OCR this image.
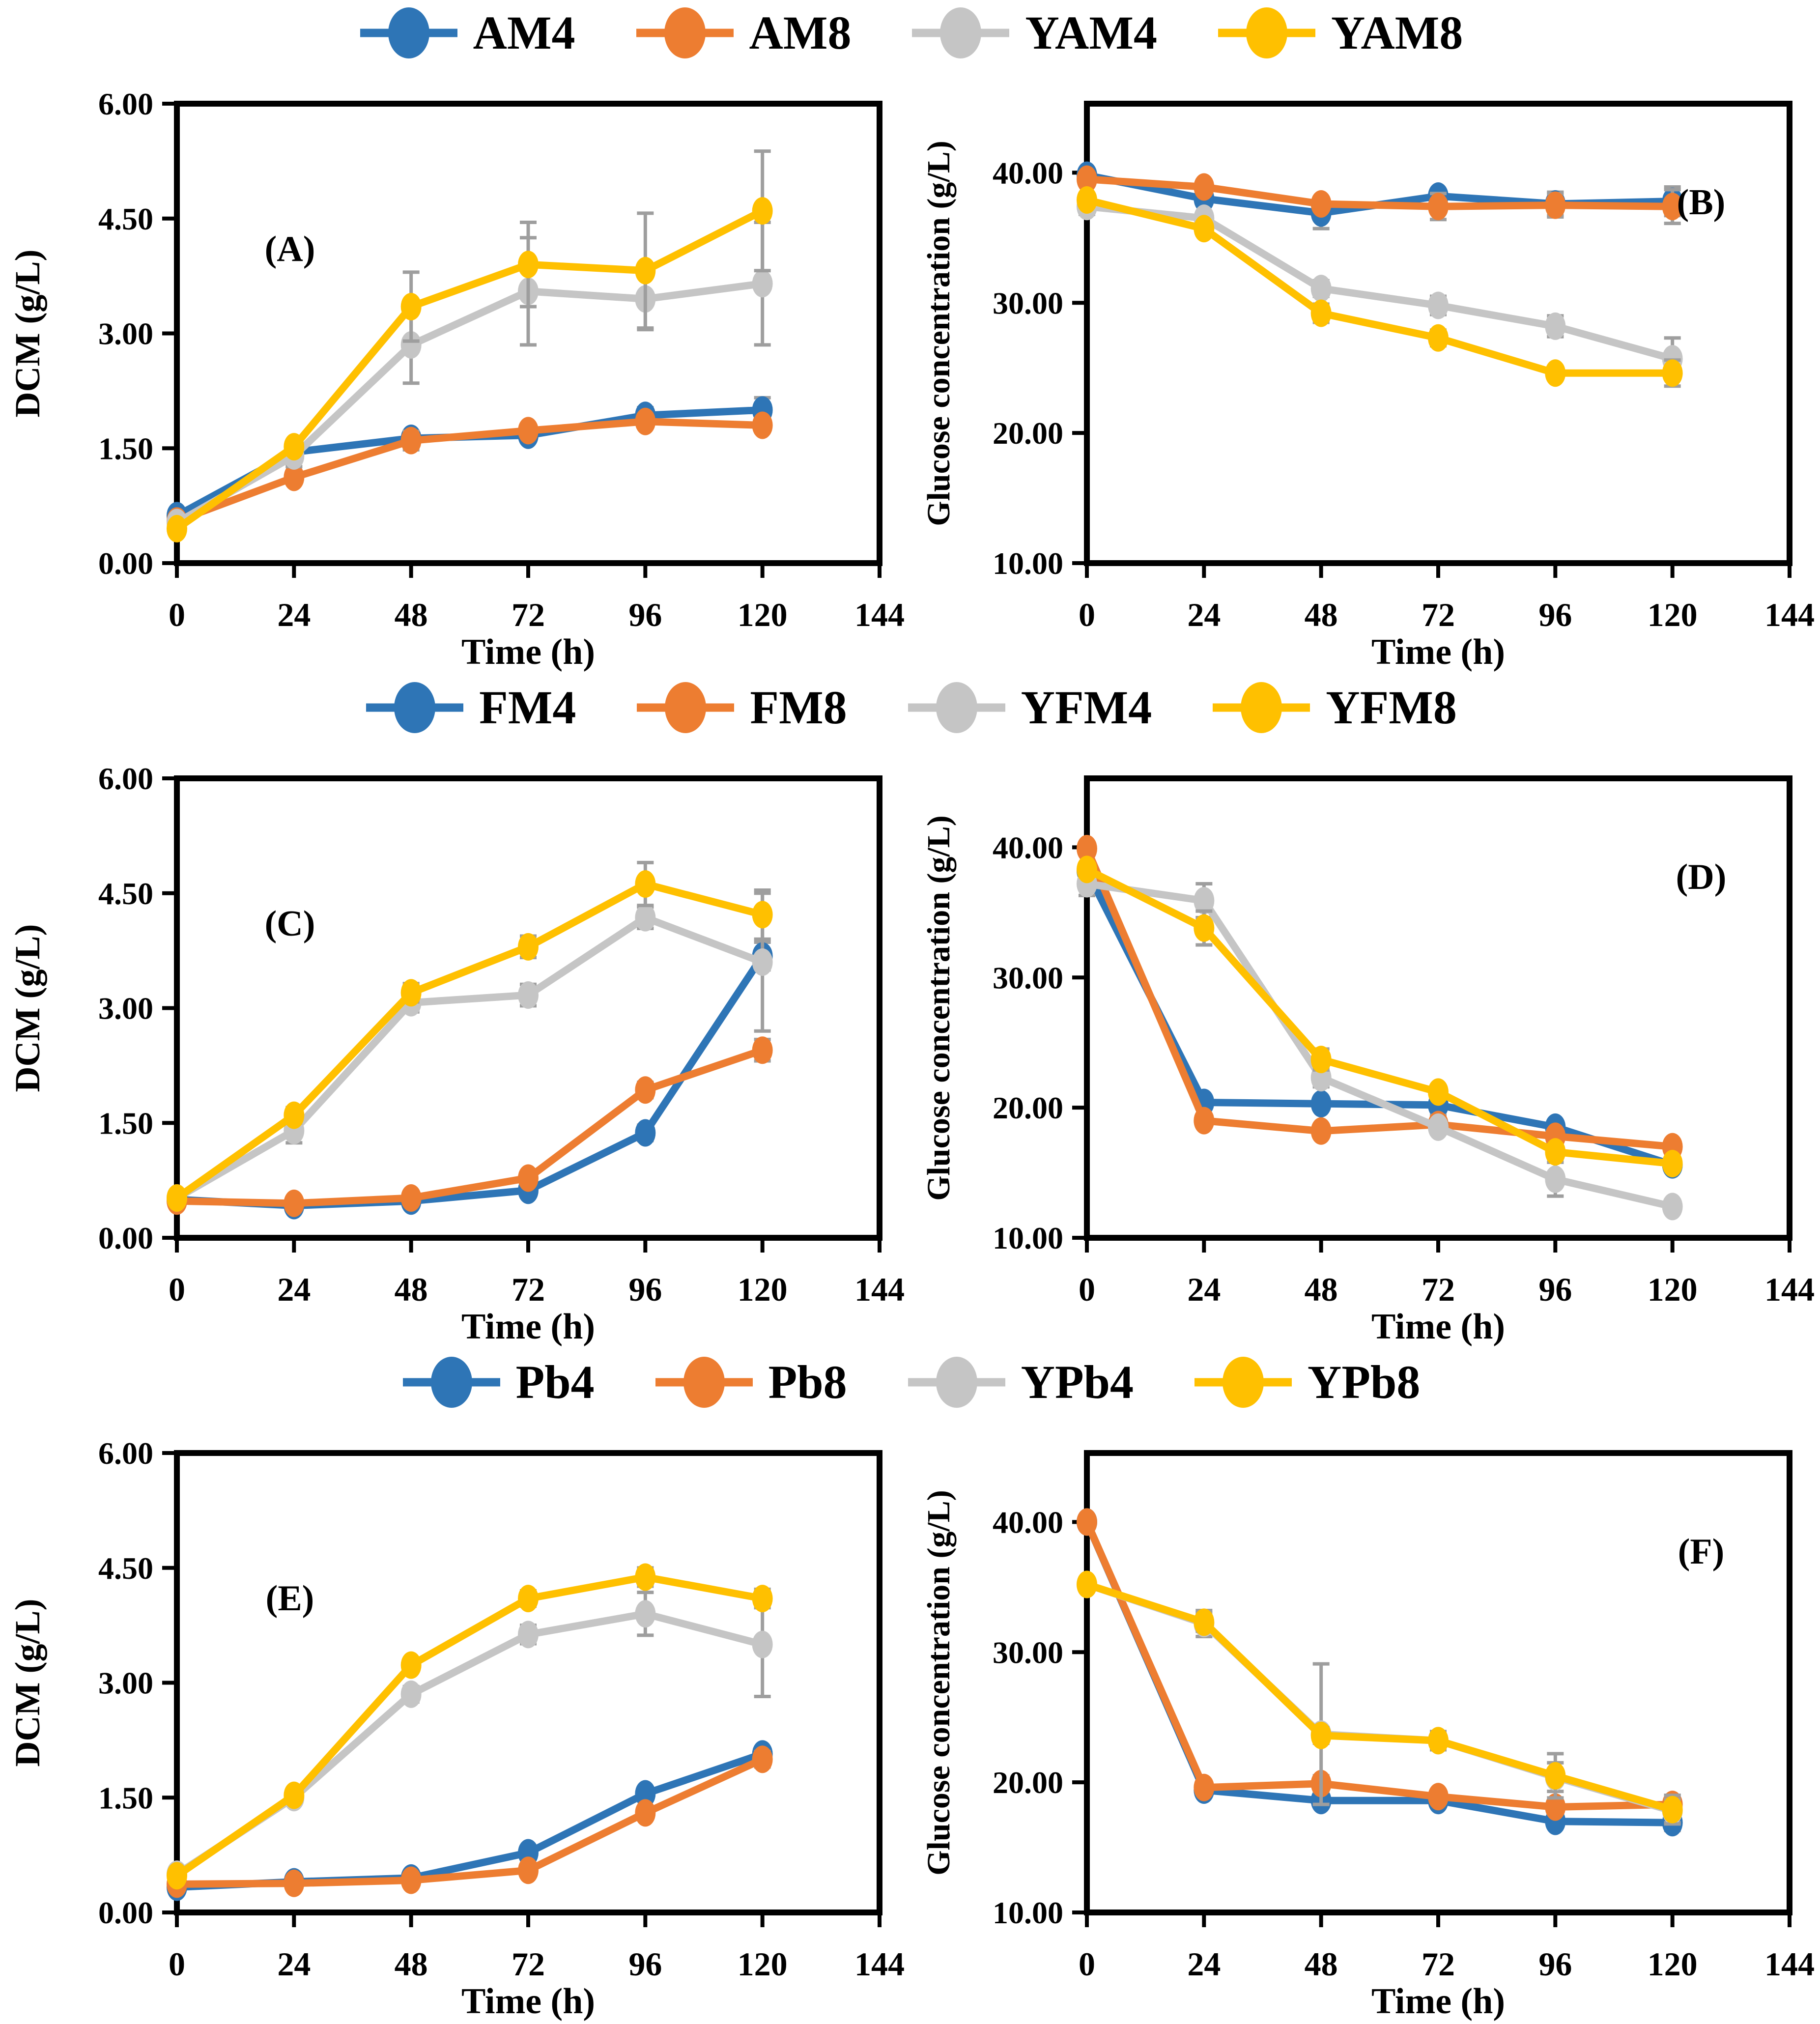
AM4	AM8	YAM4	YAM8
0.00
1.50
3.00
4.50
6.00
0	24	48	72	96 120 144
(A)
Time (h)
DCM (g/L)
10.00
20.00
30.00
40.00
0	24	48	72	96 120 144
(B)
Time (h)
Glucose concentration (g/L)
FM4	FM8	YFM4	YFM8
0.00
1.50
3.00
4.50
6.00
0	24	48	72	96 120 144
(C)
Time (h)
DCM (g/L)
10.00
20.00
30.00
40.00
0	24	48	72	96 120 144
(D)
Time (h)
Glucose concentration (g/L)
Pb4	Pb8	YPb4	YPb8
0.00
1.50
3.00
4.50
6.00
0	24	48	72	96 120 144
(E)
Time (h)
DCM (g/L)
10.00
20.00
30.00
40.00
0	24	48	72	96 120 144
(F)
Time (h)
Glucose concentration (g/L)
